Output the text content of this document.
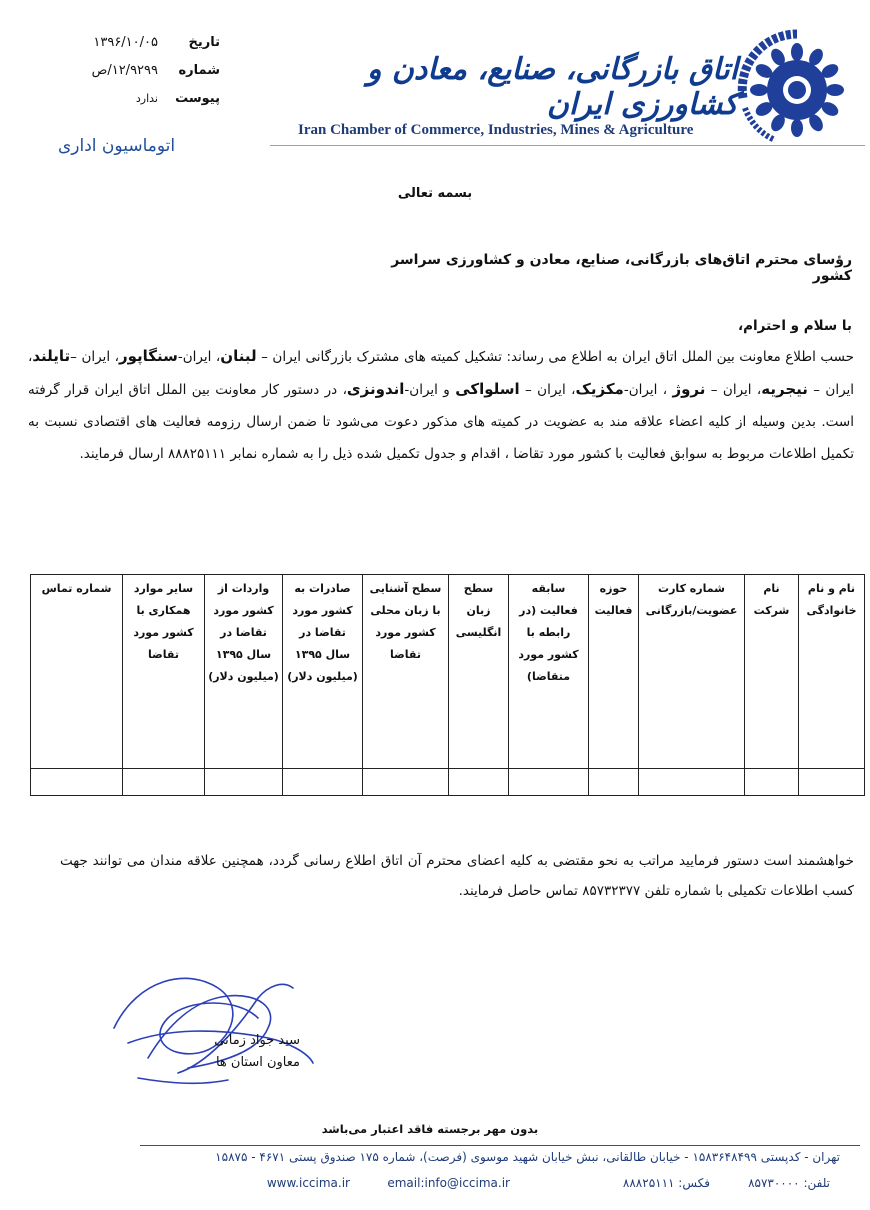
تاریخ
۱۳۹۶/۱۰/۰۵
شماره
۱۲/۹۲۹۹/ص
پیوست
ندارد
اتوماسیون اداری
اتاق بازرگانی، صنایع، معادن و کشاورزی ایران
Iran Chamber of Commerce, Industries, Mines & Agriculture
بسمه تعالی
رؤسای محترم اتاق‌های بازرگانی، صنایع، معادن و کشاورزی سراسر کشور
با سلام و احترام،
حسب اطلاع معاونت بین الملل اتاق ایران به اطلاع می رساند: تشکیل کمیته های مشترک بازرگانی ایران – لبنان، ایران-سنگاپور، ایران –تایلند، ایران – نیجریه، ایران – نروژ ، ایران-مکزیک، ایران – اسلواکی و ایران-اندونزی، در دستور کار معاونت بین الملل اتاق ایران قرار گرفته است. بدین وسیله از کلیه اعضاء علاقه مند به عضویت در کمیته های مذکور دعوت می‌شود تا ضمن ارسال رزومه فعالیت های اقتصادی نسبت به تکمیل اطلاعات مربوط به سوابق فعالیت با کشور مورد تقاضا ، اقدام و جدول تکمیل شده ذیل را به شماره نمابر ۸۸۸۲۵۱۱۱ ارسال فرمایند.
نام و نام خانوادگی	نام شرکت	شماره کارت عضویت/بازرگانی	حوزه فعالیت	سابقه فعالیت (در رابطه با کشور مورد متقاضا)	سطح زبان انگلیسی	سطح آشنایی با زبان محلی کشور مورد تقاضا	صادرات به کشور مورد تقاضا در سال ۱۳۹۵ (میلیون دلار)	واردات از کشور مورد تقاضا در سال ۱۳۹۵ (میلیون دلار)	سایر موارد همکاری با کشور مورد تقاضا	شماره تماس

خواهشمند است دستور فرمایید مراتب به نحو مقتضی به کلیه اعضای محترم آن اتاق اطلاع رسانی گردد، همچنین علاقه مندان می توانند جهت کسب اطلاعات تکمیلی با شماره تلفن ۸۵۷۳۲۳۷۷ تماس حاصل فرمایند.
سید جواد زمانی
معاون استان ها
بدون مهر برجسته فاقد اعتبار می‌باشد
تهران - کدپستی ۱۵۸۳۶۴۸۴۹۹ - خیابان طالقانی، نبش خیابان شهید موسوی (فرصت)، شماره ۱۷۵ صندوق پستی ۴۶۷۱ - ۱۵۸۷۵
تلفن: ۸۵۷۳۰۰۰۰
فکس: ۸۸۸۲۵۱۱۱
email:info@iccima.ir
www.iccima.ir
